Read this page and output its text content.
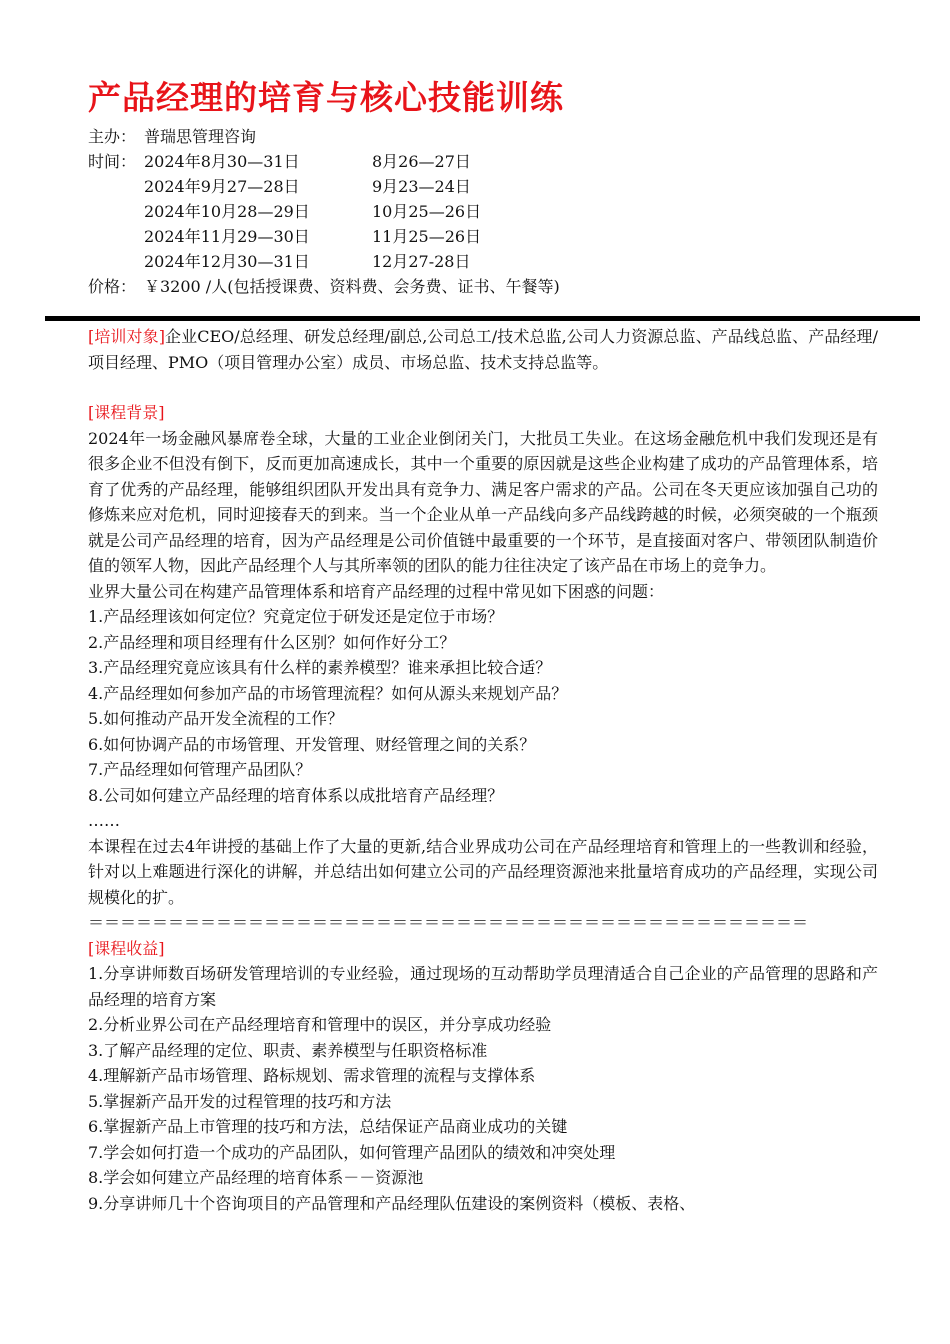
产品经理的培育与核心技能训练
主办： 普瑞思管理咨询
时间： 2024年8月30—31日	8月26—27日
2024年9月27—28日	9月23—24日
2024年10月28—29日	10月25—26日
2024年11月29—30日	11月25—26日
2024年12月30—31日	12月27-28日
价格： ￥3200 /人(包括授课费、资料费、会务费、证书、午餐等)

[培训对象]企业CEO/总经理、研发总经理/副总,公司总工/技术总监,公司人力资源总监、产品线总监、产品经理/项目经理、PMO（项目管理办公室）成员、市场总监、技术支持总监等。

[课程背景]

2024年一场金融风暴席卷全球，大量的工业企业倒闭关门，大批员工失业。在这场金融危机中我们发现还是有很多企业不但没有倒下，反而更加高速成长，其中一个重要的原因就是这些企业构建了成功的产品管理体系，培育了优秀的产品经理，能够组织团队开发出具有竞争力、满足客户需求的产品。公司在冬天更应该加强自己功的修炼来应对危机，同时迎接春天的到来。当一个企业从单一产品线向多产品线跨越的时候，必须突破的一个瓶颈就是公司产品经理的培育，因为产品经理是公司价值链中最重要的一个环节，是直接面对客户、带领团队制造价值的领军人物，因此产品经理个人与其所率领的团队的能力往往决定了该产品在市场上的竞争力。

业界大量公司在构建产品管理体系和培育产品经理的过程中常见如下困惑的问题：

1.产品经理该如何定位？究竟定位于研发还是定位于市场？

2.产品经理和项目经理有什么区别？如何作好分工？

3.产品经理究竟应该具有什么样的素养模型？谁来承担比较合适？

4.产品经理如何参加产品的市场管理流程？如何从源头来规划产品？

5.如何推动产品开发全流程的工作？

6.如何协调产品的市场管理、开发管理、财经管理之间的关系？

7.产品经理如何管理产品团队？

8.公司如何建立产品经理的培育体系以成批培育产品经理？

……

本课程在过去4年讲授的基础上作了大量的更新,结合业界成功公司在产品经理培育和管理上的一些教训和经验，针对以上难题进行深化的讲解，并总结出如何建立公司的产品经理资源池来批量培育成功的产品经理，实现公司规模化的扩。

＝＝＝＝＝＝＝＝＝＝＝＝＝＝＝＝＝＝＝＝＝＝＝＝＝＝＝＝＝＝＝＝＝＝＝＝＝＝＝＝＝＝＝＝＝

[课程收益]

1.分享讲师数百场研发管理培训的专业经验，通过现场的互动帮助学员理清适合自己企业的产品管理的思路和产品经理的培育方案

2.分析业界公司在产品经理培育和管理中的误区，并分享成功经验

3.了解产品经理的定位、职责、素养模型与任职资格标准

4.理解新产品市场管理、路标规划、需求管理的流程与支撑体系

5.掌握新产品开发的过程管理的技巧和方法

6.掌握新产品上市管理的技巧和方法，总结保证产品商业成功的关键

7.学会如何打造一个成功的产品团队，如何管理产品团队的绩效和冲突处理

8.学会如何建立产品经理的培育体系－－资源池

9.分享讲师几十个咨询项目的产品管理和产品经理队伍建设的案例资料（模板、表格、
